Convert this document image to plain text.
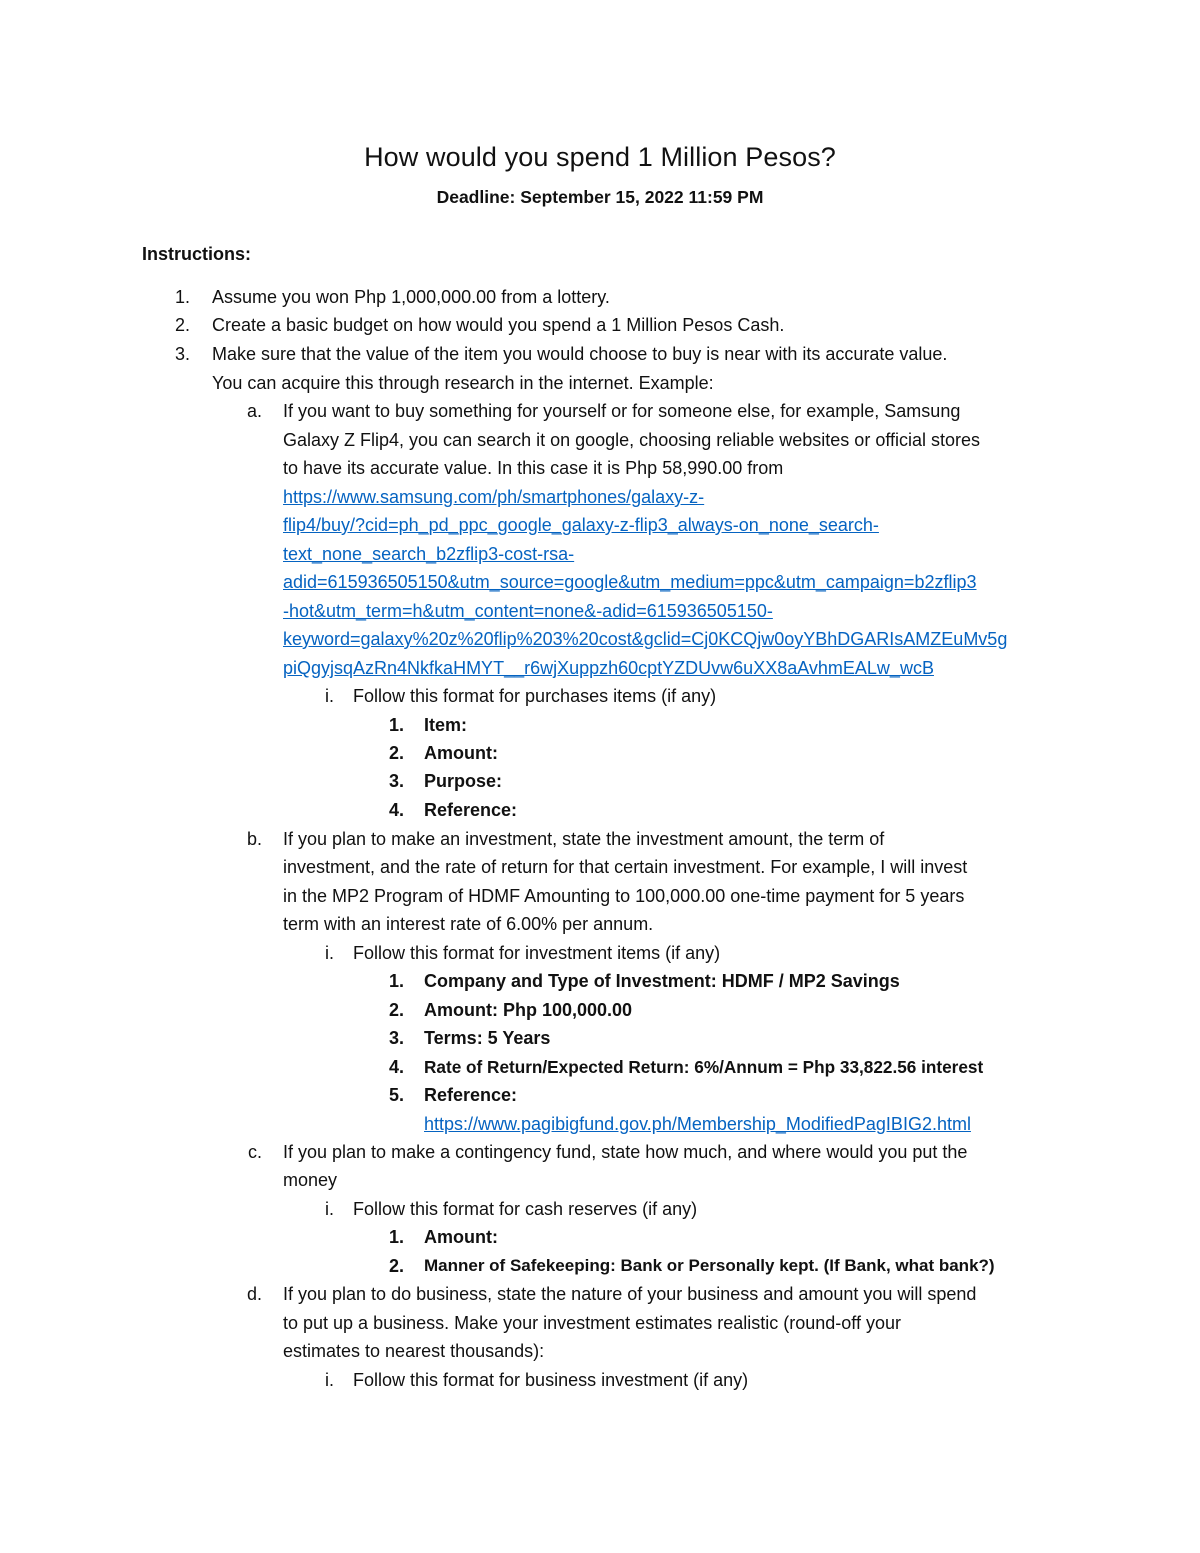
How would you spend 1 Million Pesos?
Deadline: September 15, 2022 11:59 PM
Instructions:
1. Assume you won Php 1,000,000.00 from a lottery.
2. Create a basic budget on how would you spend a 1 Million Pesos Cash.
3. Make sure that the value of the item you would choose to buy is near with its accurate value.
You can acquire this through research in the internet. Example:
a. If you want to buy something for yourself or for someone else, for example, Samsung
Galaxy Z Flip4, you can search it on google, choosing reliable websites or official stores
to have its accurate value. In this case it is Php 58,990.00 from
https://www.samsung.com/ph/smartphones/galaxy-z-
flip4/buy/?cid=ph_pd_ppc_google_galaxy-z-flip3_always-on_none_search-
text_none_search_b2zflip3-cost-rsa-
adid=615936505150&utm_source=google&utm_medium=ppc&utm_campaign=b2zflip3
-hot&utm_term=h&utm_content=none&-adid=615936505150-
keyword=galaxy%20z%20flip%203%20cost&gclid=Cj0KCQjw0oyYBhDGARIsAMZEuMv5g
piQgyjsqAzRn4NkfkaHMYT__r6wjXuppzh60cptYZDUvw6uXX8aAvhmEALw_wcB
i. Follow this format for purchases items (if any)
1. Item:
2. Amount:
3. Purpose:
4. Reference:
b. If you plan to make an investment, state the investment amount, the term of
investment, and the rate of return for that certain investment. For example, I will invest
in the MP2 Program of HDMF Amounting to 100,000.00 one-time payment for 5 years
term with an interest rate of 6.00% per annum.
i. Follow this format for investment items (if any)
1. Company and Type of Investment: HDMF / MP2 Savings
2. Amount: Php 100,000.00
3. Terms: 5 Years
4. Rate of Return/Expected Return: 6%/Annum = Php 33,822.56 interest
5. Reference:
https://www.pagibigfund.gov.ph/Membership_ModifiedPagIBIG2.html
c. If you plan to make a contingency fund, state how much, and where would you put the
money
i. Follow this format for cash reserves (if any)
1. Amount:
2. Manner of Safekeeping: Bank or Personally kept. (If Bank, what bank?)
d. If you plan to do business, state the nature of your business and amount you will spend
to put up a business. Make your investment estimates realistic (round-off your
estimates to nearest thousands):
i. Follow this format for business investment (if any)
